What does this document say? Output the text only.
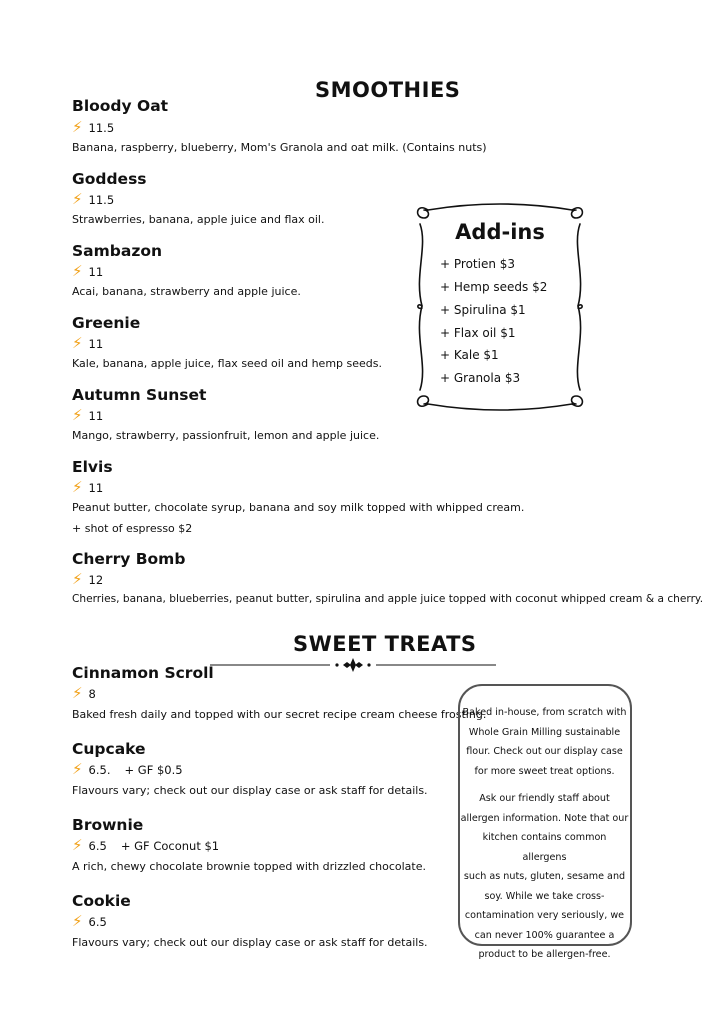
SMOOTHIES
Bloody Oat
⚡ 11.5
Banana, raspberry, blueberry, Mom's Granola and oat milk. (Contains nuts)
Goddess
⚡ 11.5
Strawberries, banana, apple juice and flax oil.
Sambazon
⚡ 11
Acai, banana, strawberry and apple juice.
Greenie
⚡ 11
Kale, banana, apple juice, flax seed oil and hemp seeds.
Autumn Sunset
⚡ 11
Mango, strawberry, passionfruit, lemon and apple juice.
Elvis
⚡ 11
Peanut butter, chocolate syrup, banana and soy milk topped with whipped cream.
+ shot of espresso $2
Cherry Bomb
⚡ 12
Cherries, banana, blueberries, peanut butter, spirulina and apple juice topped with coconut whipped cream & a cherry.
Add-ins
+ Protien $3
+ Hemp seeds $2
+ Spirulina $1
+ Flax oil $1
+ Kale $1
+ Granola $3
SWEET TREATS
Cinnamon Scroll
⚡ 8
Baked fresh daily and topped with our secret recipe cream cheese frosting.
Cupcake
⚡ 6.5. + GF $0.5
Flavours vary; check out our display case or ask staff for details.
Brownie
⚡ 6.5 + GF Coconut $1
A rich, chewy chocolate brownie topped with drizzled chocolate.
Cookie
⚡ 6.5
Flavours vary; check out our display case or ask staff for details.

Baked in-house, from scratch with

Whole Grain Milling sustainable

flour. Check out our display case

for more sweet treat options.

Ask our friendly staff about

allergen information. Note that our

kitchen contains common allergens

such as nuts, gluten, sesame and

soy. While we take cross-

contamination very seriously, we

can never 100% guarantee a

product to be allergen-free.
